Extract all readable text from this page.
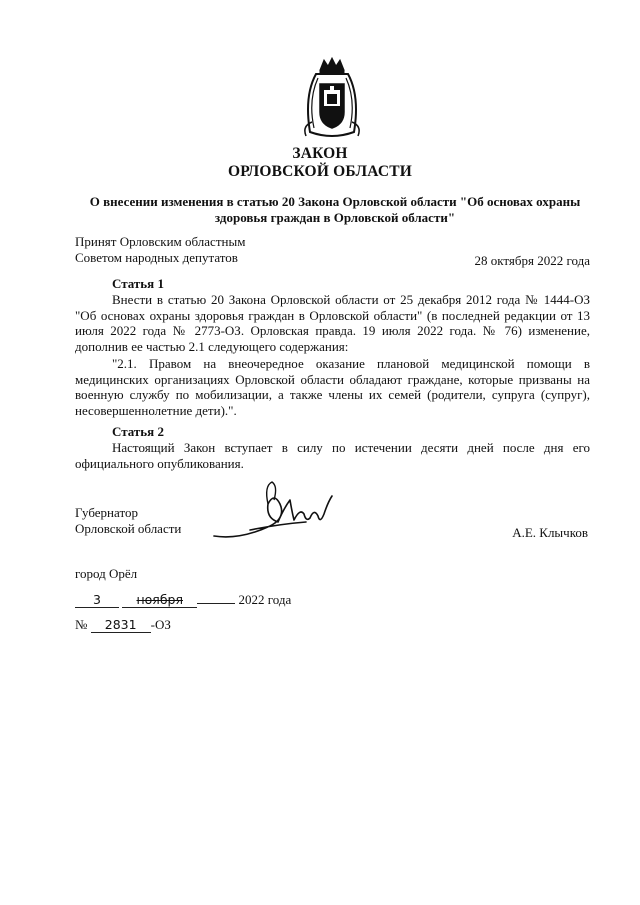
ЗАКОН
ОРЛОВСКОЙ ОБЛАСТИ
О внесении изменения в статью 20 Закона Орловской области "Об основах охраны
здоровья граждан в Орловской области"
Принят Орловским областным
Советом народных депутатов	28 октября 2022 года
Статья 1
Внести в статью 20 Закона Орловской области от 25 декабря 2012 года № 1444-ОЗ "Об основах охраны здоровья граждан в Орловской области" (в последней редакции от 13 июля 2022 года № 2773-ОЗ. Орловская правда. 19 июля 2022 года. № 76) изменение, дополнив ее частью 2.1 следующего содержания:
"2.1. Правом на внеочередное оказание плановой медицинской помощи в медицинских организациях Орловской области обладают граждане, которые призваны на военную службу по мобилизации, а также члены их семей (родители, супруга (супруг), несовершеннолетние дети).".
Статья 2
Настоящий Закон вступает в силу по истечении десяти дней после дня его официального опубликования.
Губернатор
Орловской области	А.Е. Клычков
город Орёл
3	ноября	2022 года
№ 2831 -ОЗ
